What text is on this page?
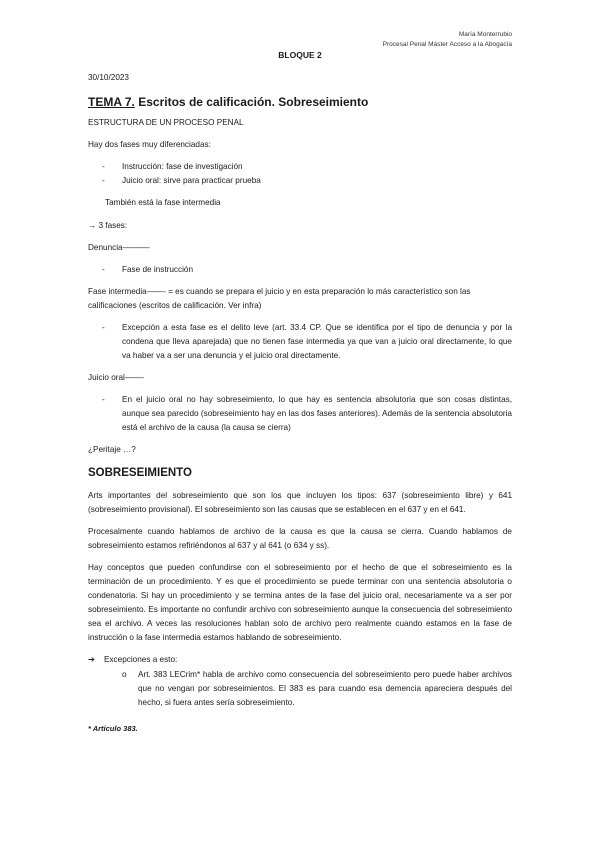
María Monterrubio
Procesal Penal Máster Acceso a la Abogacía
BLOQUE 2

30/10/2023

TEMA 7. Escritos de calificación. Sobreseimiento

ESTRUCTURA DE UN PROCESO PENAL

Hay dos fases muy diferenciadas:

- Instrucción: fase de investigación
- Juicio oral: sirve para practicar prueba

También está la fase intermedia

→ 3 fases:

Denuncia———-

- Fase de instrucción

Fase intermedia——- = es cuando se prepara el juicio y en esta preparación lo más característico son las calificaciones (escritos de calificación. Ver infra)

- Excepción a esta fase es el delito leve (art. 33.4 CP. Que se identifica por el tipo de denuncia y por la condena que lleva aparejada) que no tienen fase intermedia ya que van a juicio oral directamente, lo que va haber va a ser una denuncia y el juicio oral directamente.

Juicio oral——-

- En el juicio oral no hay sobreseimiento, lo que hay es sentencia absolutoria que son cosas distintas, aunque sea parecido (sobreseimiento hay en las dos fases anteriores). Además de la sentencia absolutoria está el archivo de la causa (la causa se cierra)

¿Peritaje …?

SOBRESEIMIENTO

Arts importantes del sobreseimiento que son los que incluyen los tipos: 637 (sobreseimiento libre) y 641 (sobreseimiento provisional). El sobreseimiento son las causas que se establecen en el 637 y en el 641.

Procesalmente cuando hablamos de archivo de la causa es que la causa se cierra. Cuando hablamos de sobreseimiento estamos refiriéndonos al 637 y al 641 (o 634 y ss).

Hay conceptos que pueden confundirse con el sobreseimiento por el hecho de que el sobreseimiento es la terminación de un procedimiento. Y es que el procedimiento se puede terminar con una sentencia absolutoria o condenatoria. Si hay un procedimiento y se termina antes de la fase del juicio oral, necesariamente va a ser por sobreseimiento. Es importante no confundir archivo con sobreseimiento aunque la consecuencia del sobreseimiento sea el archivo. A veces las resoluciones hablan solo de archivo pero realmente cuando estamos en la fase de instrucción o la fase intermedia estamos hablando de sobreseimiento.

➔ Excepciones a esto:
o Art. 383 LECrim* habla de archivo como consecuencia del sobreseimiento pero puede haber archivos que no vengan por sobreseimientos. El 383 es para cuando esa demencia apareciera después del hecho, si fuera antes sería sobreseimiento.

* Artículo 383.
